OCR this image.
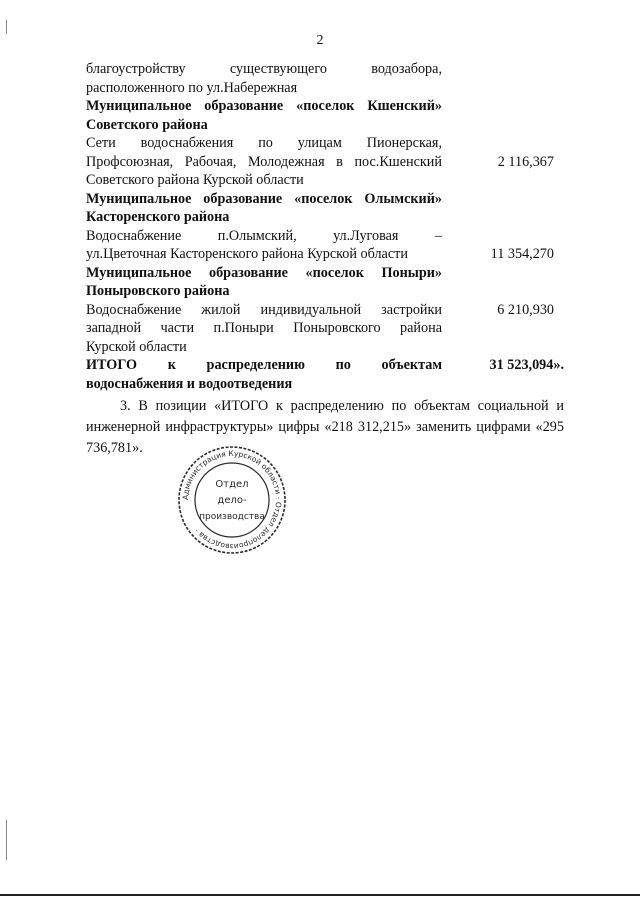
2
благоустройству существующего водозабора,
расположенного по ул.Набережная
Муниципальное образование «поселок Кшенский»
Советского района
Сети водоснабжения по улицам Пионерская,
Профсоюзная, Рабочая, Молодежная в пос.Кшенский
Советского района Курской области
2 116,367
Муниципальное образование «поселок Олымский»
Касторенского района
Водоснабжение п.Олымский, ул.Луговая –
ул.Цветочная Касторенского района Курской области	11 354,270
Муниципальное образование «поселок Поныри»
Поныровского района
Водоснабжение жилой индивидуальной застройки
западной части п.Поныри Поныровского района
Курской области
6 210,930
ИТОГО к распределению по объектам
водоснабжения и водоотведения
31 523,094».
3. В позиции «ИТОГО к распределению по объектам социальной и инженерной инфраструктуры» цифры «218 312,215» заменить цифрами «295 736,781».
Администрация Курской области · Отдел делопроизводства ·
Отдел
дело-
производства
